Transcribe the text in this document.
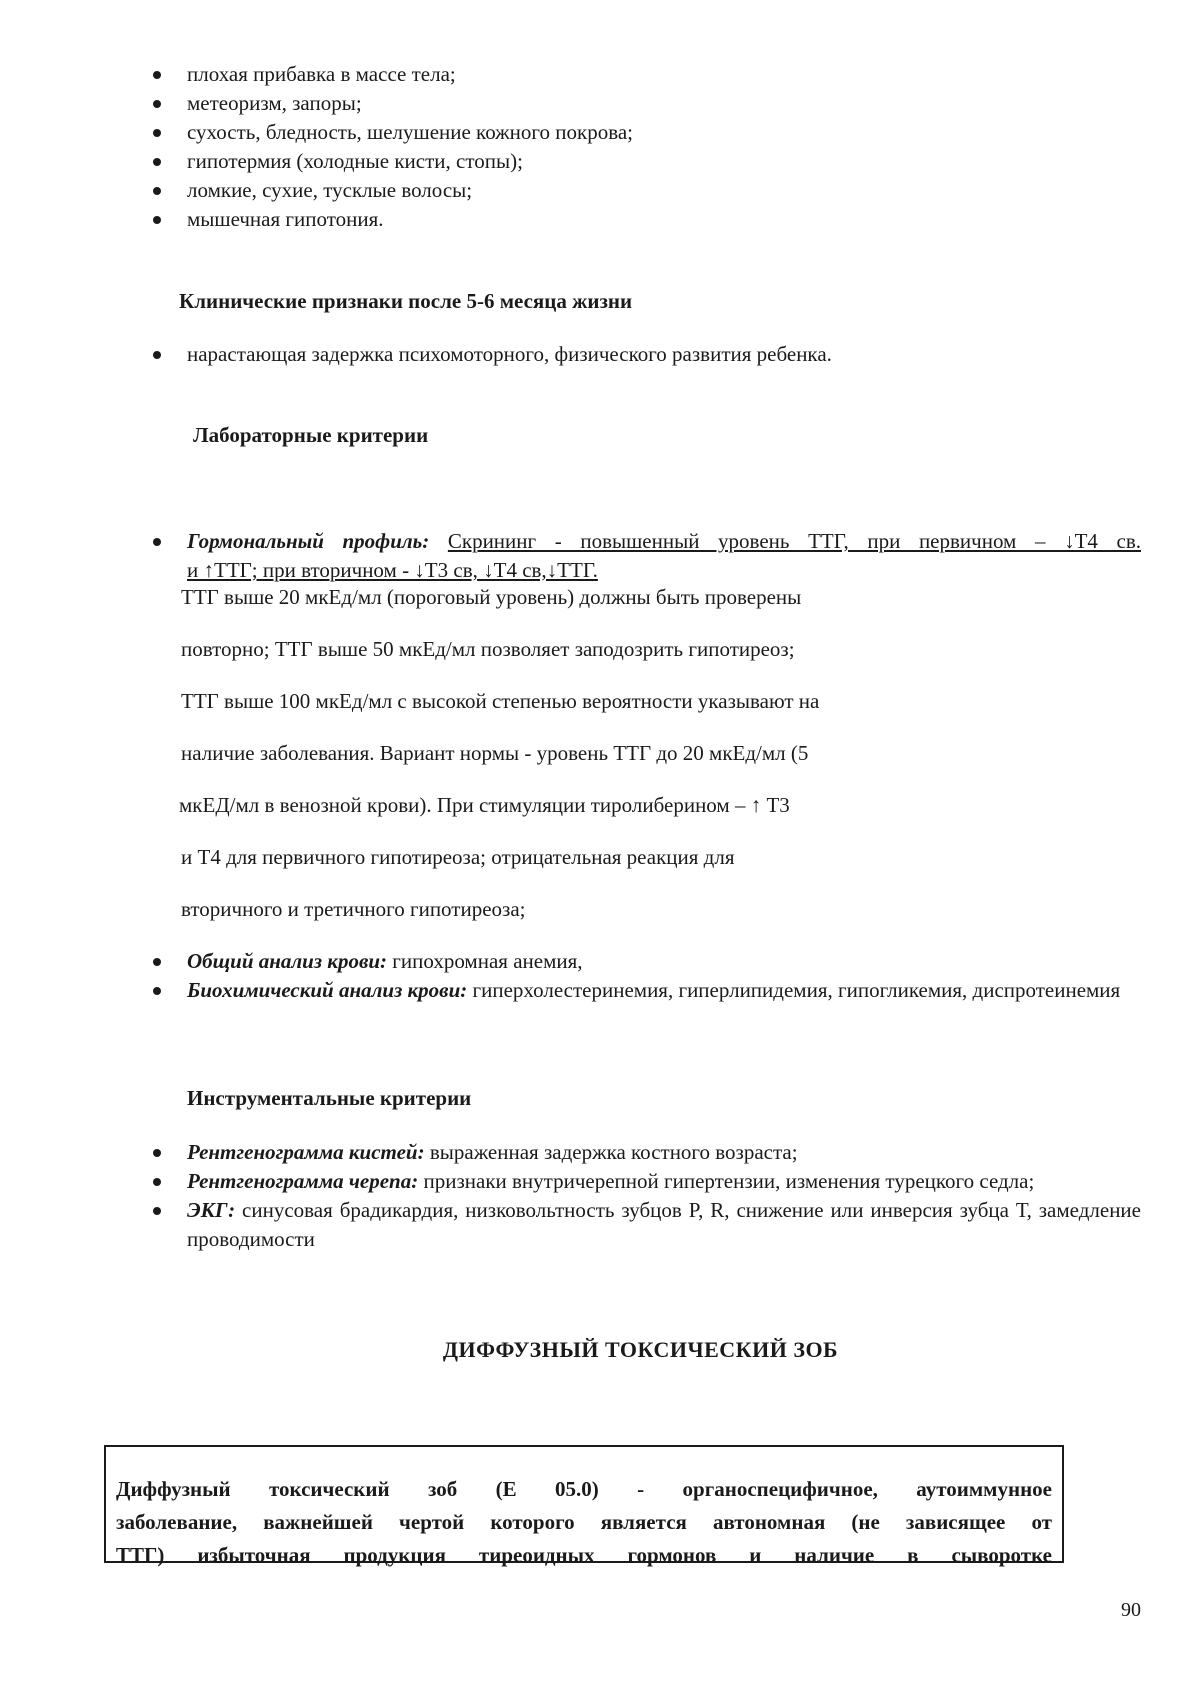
плохая прибавка в массе тела;
метеоризм, запоры;
сухость, бледность, шелушение кожного покрова;
гипотермия (холодные кисти, стопы);
ломкие, сухие, тусклые волосы;
мышечная гипотония.
Клинические признаки после 5-6 месяца жизни
нарастающая задержка психомоторного, физического развития ребенка.
Лабораторные критерии
Гормональный профиль: Скрининг - повышенный уровень ТТГ, при первичном – ↓Т4 св.
и ↑ТТГ; при вторичном - ↓Т3 св, ↓Т4 св,↓ТТГ.
ТТГ выше 20 мкЕд/мл (пороговый уровень) должны быть проверены
повторно; ТТГ выше 50 мкЕд/мл позволяет заподозрить гипотиреоз;
ТТГ выше 100 мкЕд/мл с высокой степенью вероятности указывают на
наличие заболевания. Вариант нормы - уровень ТТГ до 20 мкЕд/мл (5
мкЕД/мл в венозной крови). При стимуляции тиролиберином – ↑ Т3
и Т4 для первичного гипотиреоза; отрицательная реакция для
вторичного и третичного гипотиреоза;
Общий анализ крови: гипохромная анемия,
Биохимический анализ крови: гиперхолестеринемия, гиперлипидемия, гипогликемия, диспротеинемия
Инструментальные критерии
Рентгенограмма кистей: выраженная задержка костного возраста;
Рентгенограмма черепа: признаки внутричерепной гипертензии, изменения турецкого седла;
ЭКГ: синусовая брадикардия, низковольтность зубцов P, R, снижение или инверсия зубца Т, замедление проводимости
ДИФФУЗНЫЙ ТОКСИЧЕСКИЙ ЗОБ

Диффузный токсический зоб (Е 05.0) - органоспецифичное, аутоиммунное

заболевание, важнейшей чертой которого является автономная (не зависящее от

ТТГ) избыточная продукция тиреоидных гормонов и наличие в сыворотке

90
